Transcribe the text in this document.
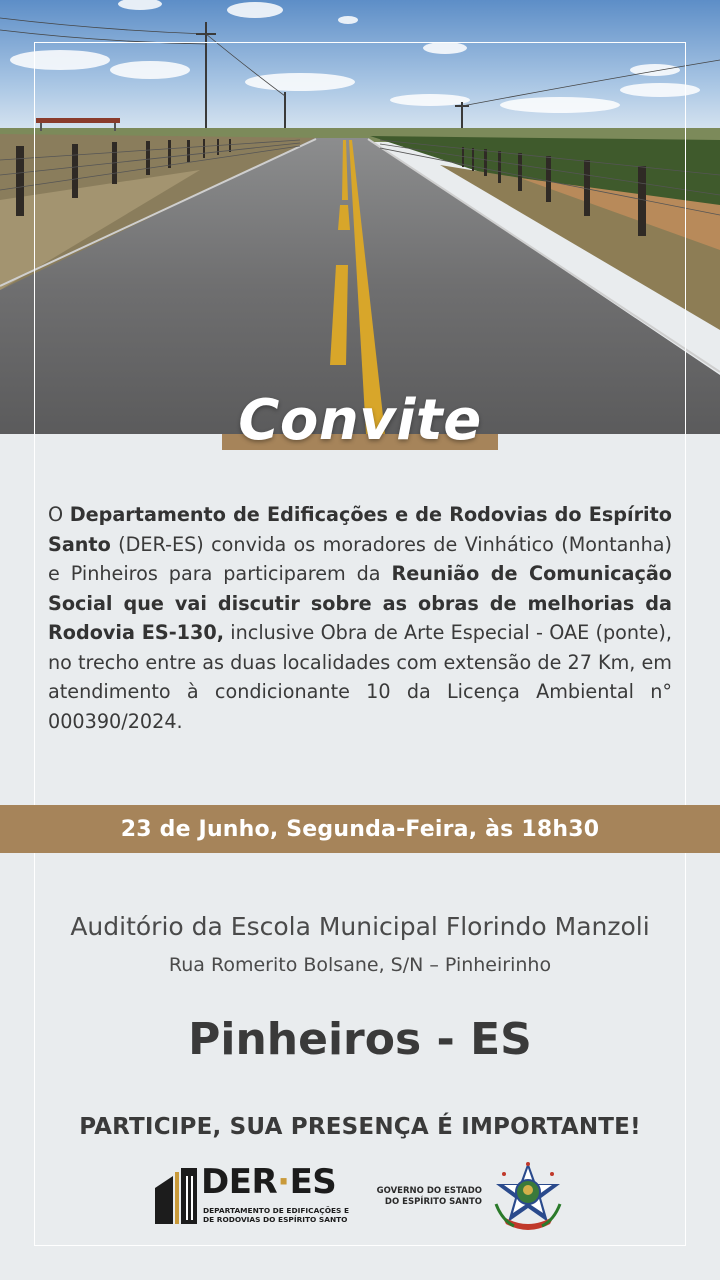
Convite
O Departamento de Edificações e de Rodovias do Espírito Santo (DER-ES) convida os moradores de Vinhático (Montanha) e Pinheiros para participarem da Reunião de Comunicação Social que vai discutir sobre as obras de melhorias da Rodovia ES-130, inclusive Obra de Arte Especial - OAE (ponte), no trecho entre as duas localidades com extensão de 27 Km, em atendimento à condicionante 10 da Licença Ambiental n° 000390/2024.
23 de Junho, Segunda-Feira, às 18h30
Auditório da Escola Municipal Florindo Manzoli
Rua Romerito Bolsane, S/N – Pinheirinho
Pinheiros - ES
PARTICIPE, SUA PRESENÇA É IMPORTANTE!
DER·ES
DEPARTAMENTO DE EDIFICAÇÕES E
DE RODOVIAS DO ESPÍRITO SANTO
GOVERNO DO ESTADO
DO ESPÍRITO SANTO
